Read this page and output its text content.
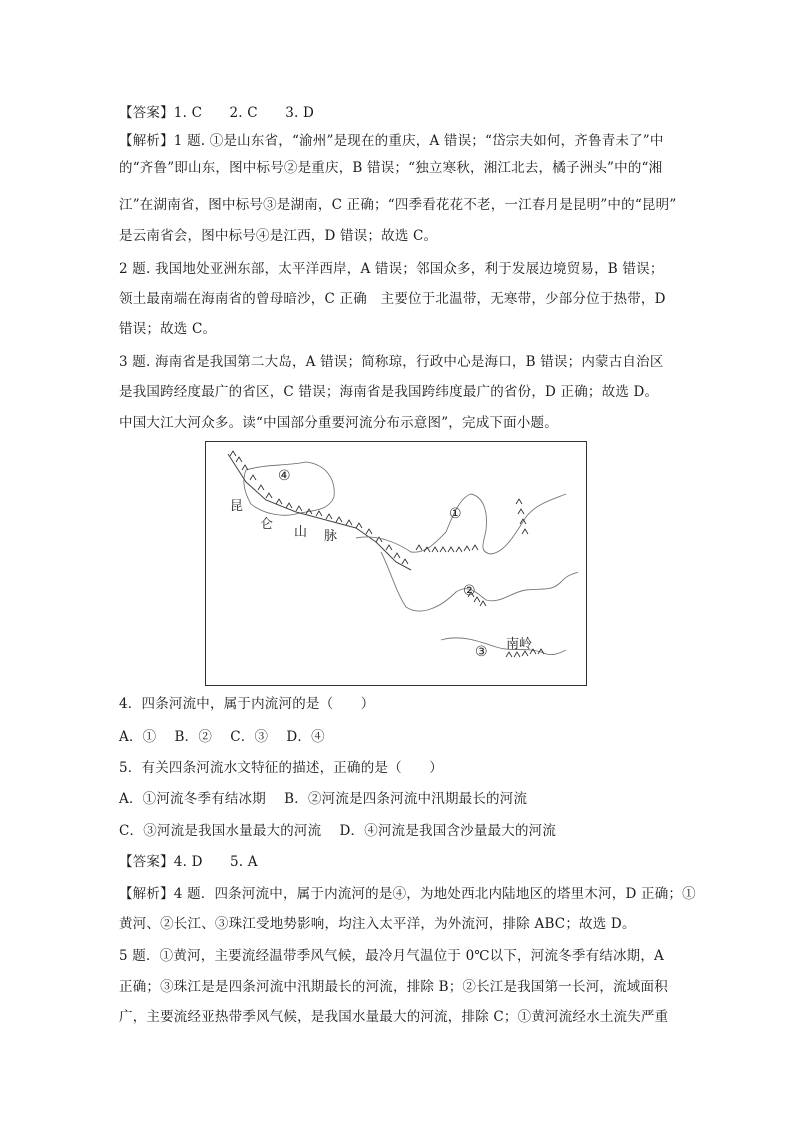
【答案】1. C　　2. C　　3. D
【解析】1 题. ①是山东省，“渝州”是现在的重庆，A 错误；“岱宗夫如何，齐鲁青未了”中
的“齐鲁”即山东，图中标号②是重庆，B 错误；“独立寒秋，湘江北去，橘子洲头”中的“湘
江”在湖南省，图中标号③是湖南，C 正确；“四季看花花不老，一江春月是昆明”中的“昆明”
是云南省会，图中标号④是江西，D 错误；故选 C。
2 题. 我国地处亚洲东部，太平洋西岸，A 错误；邻国众多，利于发展边境贸易，B 错误；
领土最南端在海南省的曾母暗沙，C 正确　主要位于北温带，无寒带，少部分位于热带，D
错误；故选 C。
3 题. 海南省是我国第二大岛，A 错误；简称琼，行政中心是海口，B 错误；内蒙古自治区
是我国跨经度最广的省区，C 错误；海南省是我国跨纬度最广的省份，D 正确；故选 D。
中国大江大河众多。读“中国部分重要河流分布示意图”，完成下面小题。
昆
仑
山 脉
南岭
④
①
②
③
4．四条河流中，属于内流河的是（　　）
A．①　 B．②　 C．③　 D．④
5．有关四条河流水文特征的描述，正确的是（　　）
A．①河流冬季有结冰期　 B．②河流是四条河流中汛期最长的河流
C．③河流是我国水量最大的河流　 D．④河流是我国含沙量最大的河流
【答案】4. D　　5. A
【解析】4 题．四条河流中，属于内流河的是④，为地处西北内陆地区的塔里木河，D 正确；①
黄河、②长江、③珠江受地势影响，均注入太平洋，为外流河，排除 ABC；故选 D。
5 题．①黄河，主要流经温带季风气候，最冷月气温位于 0℃以下，河流冬季有结冰期，A
正确；③珠江是是四条河流中汛期最长的河流，排除 B；②长江是我国第一长河，流域面积
广，主要流经亚热带季风气候，是我国水量最大的河流，排除 C；①黄河流经水土流失严重
